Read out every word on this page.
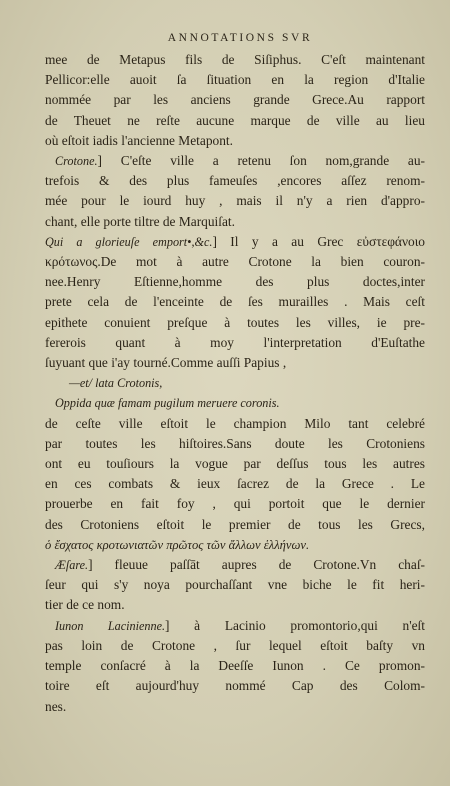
ANNOTATIONS SVR
mee de Metapus fils de Siſiphus. C'eſt maintenant
Pellicor:elle auoit ſa ſituation en la region d'Italie
nommée par les anciens grande Grece.Au rapport
de Theuet ne reſte aucune marque de ville au lieu
où eſtoit iadis l'ancienne Metapont.
Crotone.] C'eſte ville a retenu ſon nom,grande au-
trefois & des plus fameuſes ,encores aſſez renom-
mée pour le iourd huy , mais il n'y a rien d'appro-
chant, elle porte tiltre de Marquiſat.
Qui a glorieuſe emport•,&c.] Il y a au Grec εὐστεφάνοιο
κρότωνος.De mot à autre Crotone la bien couron-
nee.Henry Eſtienne,homme des plus doctes,inter
prete cela de l'enceinte de ſes murailles . Mais ceſt
epithete conuient preſque à toutes les villes, ie pre-
fererois quant à moy l'interpretation d'Euſtathe
ſuyuant que i'ay tourné.Comme auſſi Papius ,
—et/ lata Crotonis,
Oppida quæ famam pugilum meruere coronis.
de ceſte ville eſtoit le champion Milo tant celebré
par toutes les hiſtoires.Sans doute les Crotoniens
ont eu touſiours la vogue par deſſus tous les autres
en ces combats & ieux ſacrez de la Grece . Le
prouerbe en fait foy , qui portoit que le dernier
des Crotoniens eſtoit le premier de tous les Grecs,
ὁ ἔσχατος κροτωνιατῶν πρῶτος τῶν ἄλλων ἑλλήνων.
Æſare.] fleuue paſſāt aupres de Crotone.Vn chaſ-
ſeur qui s'y noya pourchaſſant vne biche le fit heri-
tier de ce nom.
Iunon Lacinienne.] à Lacinio promontorio,qui n'eſt
pas loin de Crotone , ſur lequel eſtoit baſty vn
temple conſacré à la Deeſſe Iunon . Ce promon-
toire eſt aujourd'huy nommé Cap des Colom-
nes.
